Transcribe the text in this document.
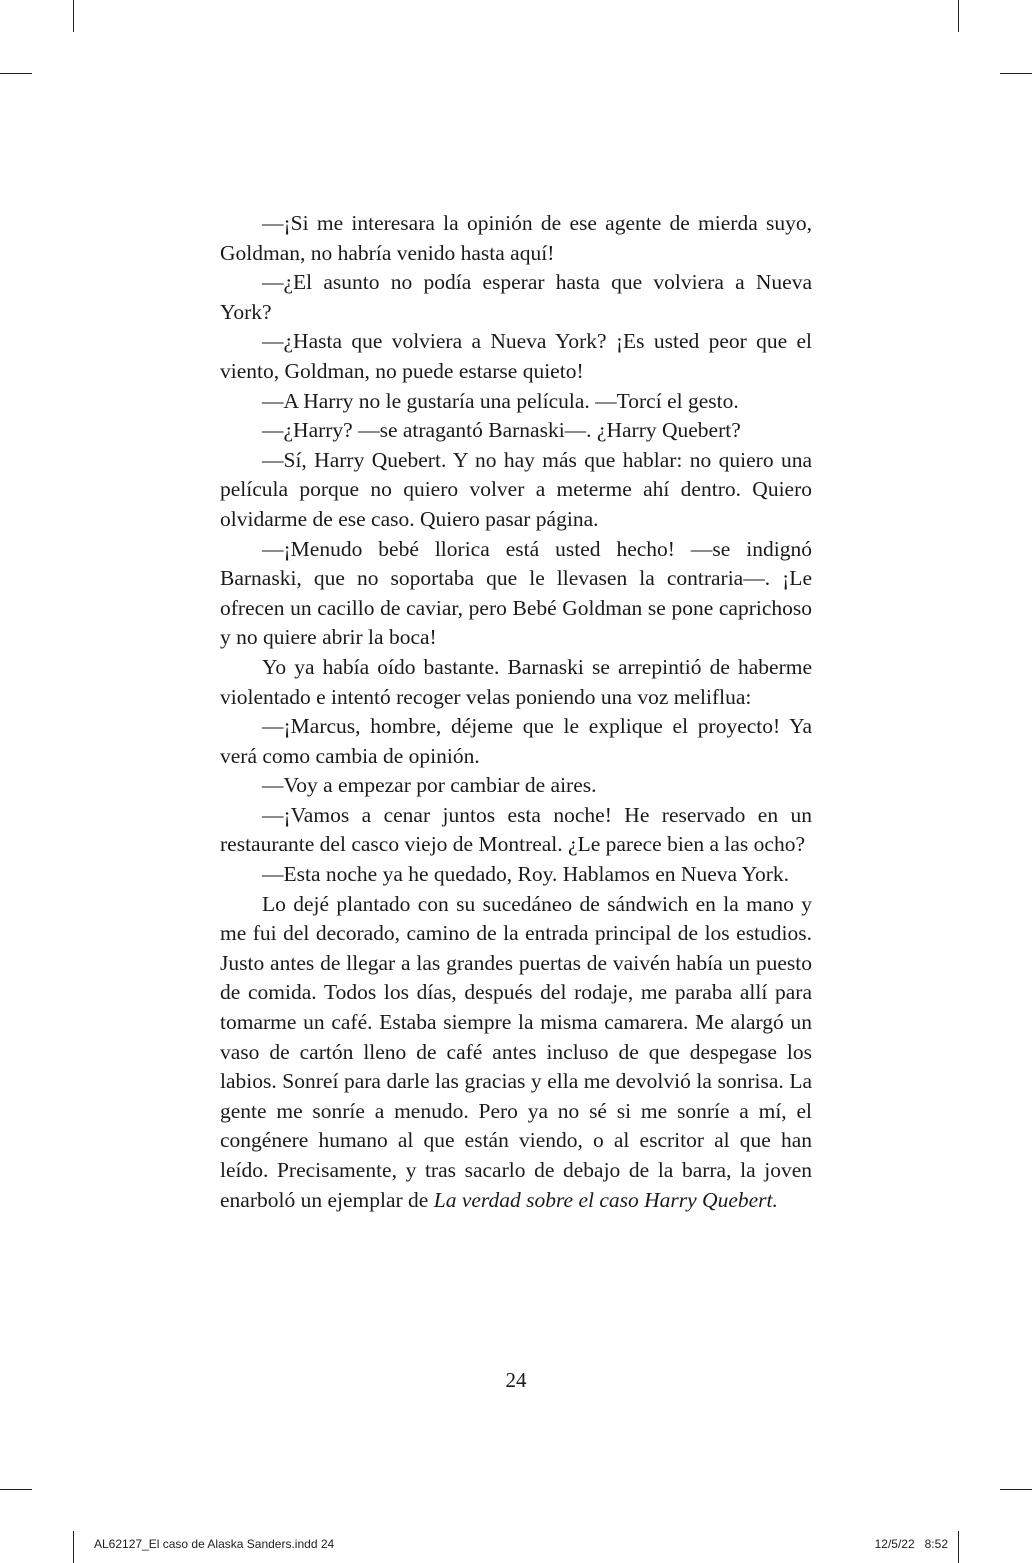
—¡Si me interesara la opinión de ese agente de mierda suyo, Goldman, no habría venido hasta aquí!

—¿El asunto no podía esperar hasta que volviera a Nueva York?

—¿Hasta que volviera a Nueva York? ¡Es usted peor que el viento, Goldman, no puede estarse quieto!

—A Harry no le gustaría una película. —Torcí el gesto.

—¿Harry? —se atragantó Barnaski—. ¿Harry Quebert?

—Sí, Harry Quebert. Y no hay más que hablar: no quiero una película porque no quiero volver a meterme ahí dentro. Quiero olvidarme de ese caso. Quiero pasar página.

—¡Menudo bebé llorica está usted hecho! —se indignó Barnaski, que no soportaba que le llevasen la contraria—. ¡Le ofrecen un cacillo de caviar, pero Bebé Goldman se pone caprichoso y no quiere abrir la boca!

Yo ya había oído bastante. Barnaski se arrepintió de haberme violentado e intentó recoger velas poniendo una voz meliflua:

—¡Marcus, hombre, déjeme que le explique el proyecto! Ya verá como cambia de opinión.

—Voy a empezar por cambiar de aires.

—¡Vamos a cenar juntos esta noche! He reservado en un restaurante del casco viejo de Montreal. ¿Le parece bien a las ocho?

—Esta noche ya he quedado, Roy. Hablamos en Nueva York.

Lo dejé plantado con su sucedáneo de sándwich en la mano y me fui del decorado, camino de la entrada principal de los estudios. Justo antes de llegar a las grandes puertas de vaivén había un puesto de comida. Todos los días, después del rodaje, me paraba allí para tomarme un café. Estaba siempre la misma camarera. Me alargó un vaso de cartón lleno de café antes incluso de que despegase los labios. Sonreí para darle las gracias y ella me devolvió la sonrisa. La gente me sonríe a menudo. Pero ya no sé si me sonríe a mí, el congénere humano al que están viendo, o al escritor al que han leído. Precisamente, y tras sacarlo de debajo de la barra, la joven enarboló un ejemplar de La verdad sobre el caso Harry Quebert.

24
AL62127_El caso de Alaska Sanders.indd 24	12/5/22   8:52
